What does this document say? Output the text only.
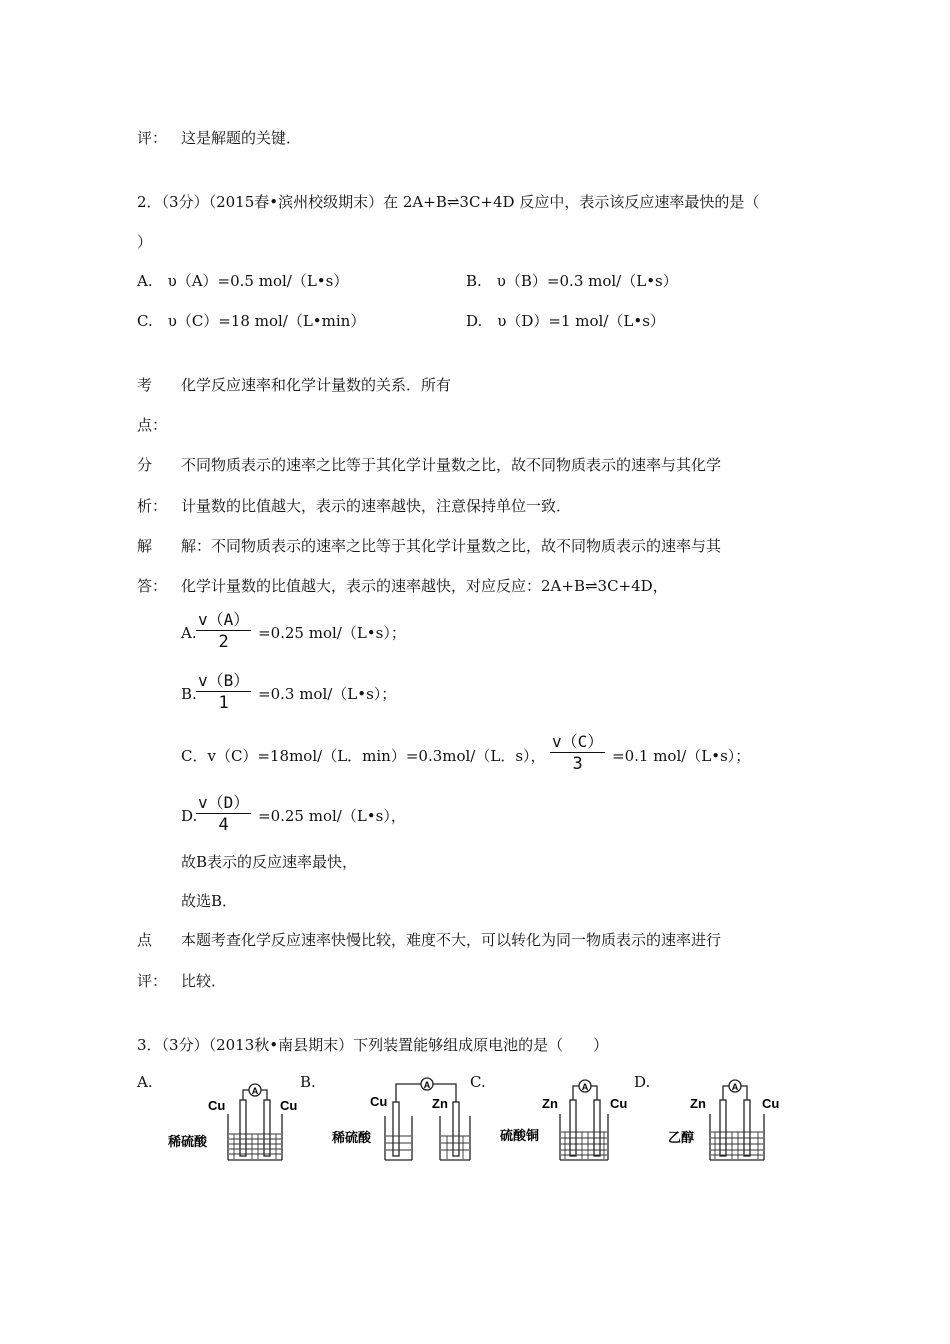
评： 这是解题的关键．
2．（3分）（2015春•滨州校级期末）在 2A+B⇌3C+4D 反应中，表示该反应速率最快的是（
）
A.　υ（A）=0.5 mol/（L•s）	B.　υ（B）=0.3 mol/（L•s）
C.　υ（C）=18 mol/（L•min）	D.　υ（D）=1 mol/（L•s）
考 化学反应速率和化学计量数的关系．所有
点：
分 不同物质表示的速率之比等于其化学计量数之比，故不同物质表示的速率与其化学
析： 计量数的比值越大，表示的速率越快，注意保持单位一致．
解 解：不同物质表示的速率之比等于其化学计量数之比，故不同物质表示的速率与其
答： 化学计量数的比值越大，表示的速率越快，对应反应：2A+B⇌3C+4D，
A.
v（A）
2	=0.25 mol/（L•s）；
B.
v（B）
1	=0.3 mol/（L•s）；
C．v（C）=18mol/（L．min）=0.3mol/（L．s），
v（C）
3	=0.1 mol/（L•s）；
D.
v（D）
4	=0.25 mol/（L•s），
故B表示的反应速率最快，
故选B．
点 本题考查化学反应速率快慢比较，难度不大，可以转化为同一物质表示的速率进行
评： 比较．
3．（3分）（2013秋•南县期末）下列装置能够组成原电池的是（　　）
A.	B.	C.	D.
A
Cu	Cu
稀硫酸
A
Cu	Zn
稀硫酸
A
Zn	Cu
硫酸铜
A
Zn	Cu
乙醇
